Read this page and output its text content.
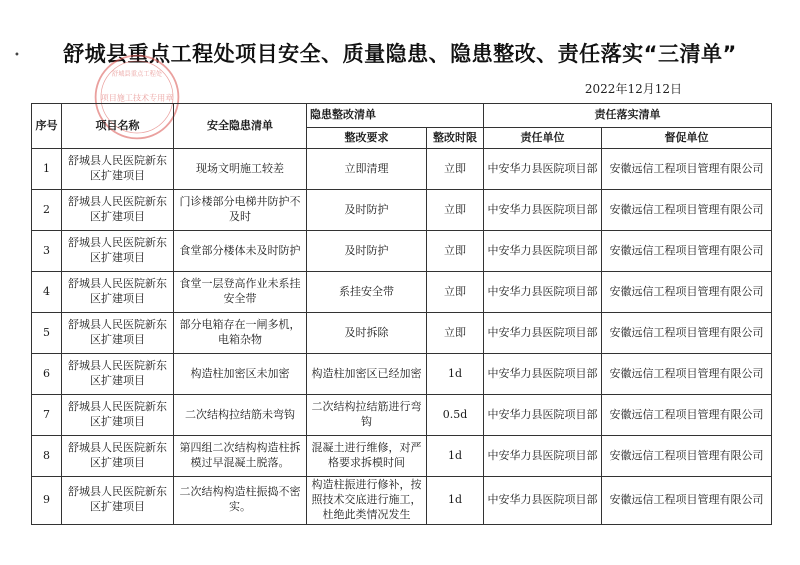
•	舒城县重点工程处项目安全、质量隐患、隐患整改、责任落实“三清单”
项目施工技术专用章
舒城县重点工程处
2022年12月12日
序号	项目名称	安全隐患清单	隐患整改清单		责任落实清单	
			整改要求	整改时限	责任单位	督促单位
1	舒城县人民医院新东区扩建项目	现场文明施工较差	立即清理	立即	中安华力县医院项目部	安徽远信工程项目管理有限公司
2	舒城县人民医院新东区扩建项目	门诊楼部分电梯井防护不及时	及时防护	立即	中安华力县医院项目部	安徽远信工程项目管理有限公司
3	舒城县人民医院新东区扩建项目	食堂部分楼体未及时防护	及时防护	立即	中安华力县医院项目部	安徽远信工程项目管理有限公司
4	舒城县人民医院新东区扩建项目	食堂一层登高作业未系挂安全带	系挂安全带	立即	中安华力县医院项目部	安徽远信工程项目管理有限公司
5	舒城县人民医院新东区扩建项目	部分电箱存在一闸多机，电箱杂物	及时拆除	立即	中安华力县医院项目部	安徽远信工程项目管理有限公司
6	舒城县人民医院新东区扩建项目	构造柱加密区未加密	构造柱加密区已经加密	1d	中安华力县医院项目部	安徽远信工程项目管理有限公司
7	舒城县人民医院新东区扩建项目	二次结构拉结筋未弯钩	二次结构拉结筋进行弯钩	0.5d	中安华力县医院项目部	安徽远信工程项目管理有限公司
8	舒城县人民医院新东区扩建项目	第四组二次结构构造柱拆模过早混凝土脱落。	混凝土进行维修，对严格要求拆模时间	1d	中安华力县医院项目部	安徽远信工程项目管理有限公司
9	舒城县人民医院新东区扩建项目	二次结构构造柱振捣不密实。	构造柱振进行修补，按照技术交底进行施工，杜绝此类情况发生	1d	中安华力县医院项目部	安徽远信工程项目管理有限公司
